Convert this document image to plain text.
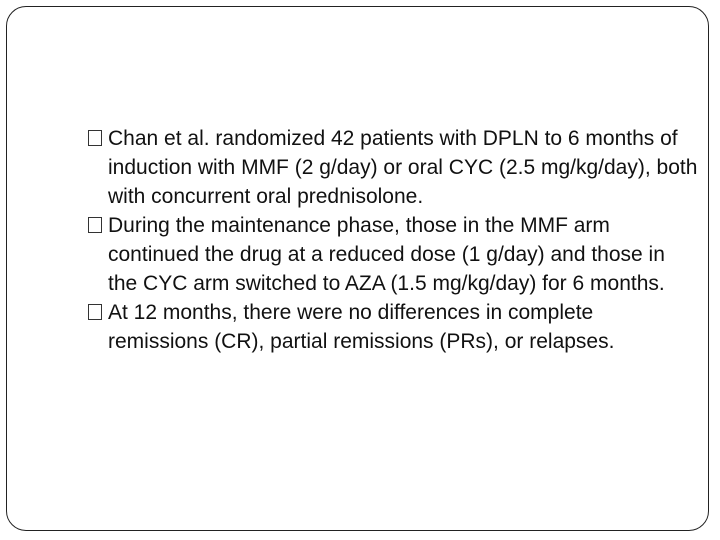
Chan et al. randomized 42 patients with DPLN to 6 months of induction with MMF (2 g/day) or oral CYC (2.5 mg/kg/day), both with concurrent oral prednisolone.
During the maintenance phase, those in the MMF arm continued the drug at a reduced dose (1 g/day) and those in the CYC arm switched to AZA (1.5 mg/kg/day) for 6 months.
At 12 months, there were no differences in complete remissions (CR), partial remissions (PRs), or relapses.
